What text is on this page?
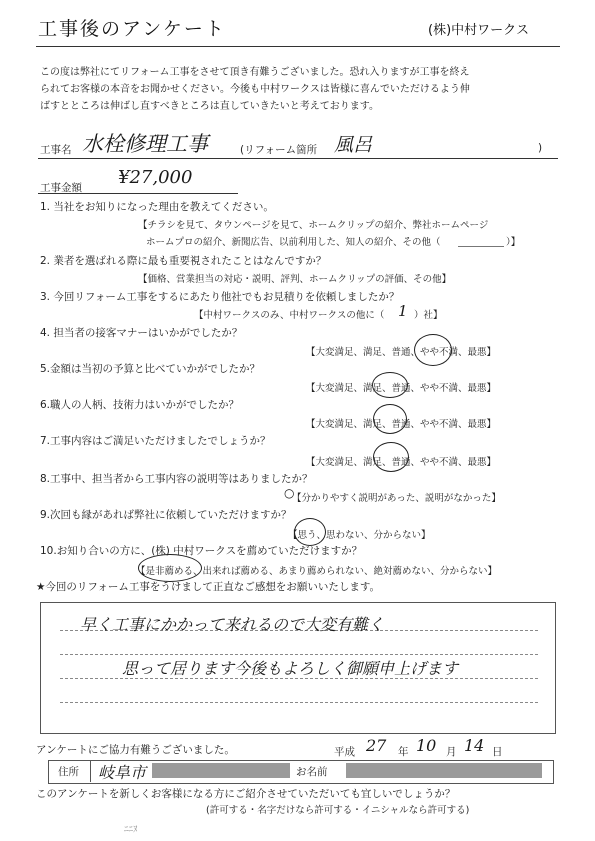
工事後のアンケート	(株)中村ワークス
この度は弊社にてリフォーム工事をさせて頂き有難うございました。恐れ入りますが工事を終え
られてお客様の本音をお聞かせください。今後も中村ワークスは皆様に喜んでいただけるよう伸
ばすとところは伸ばし直すべきところは直していきたいと考えております。
工事名 水栓修理工事	(リフォーム箇所 風呂	)
工事金額 ¥27,000
1. 当社をお知りになった理由を教えてください。
【チラシを見て、タウンページを見て、ホームクリップの紹介、弊社ホームページ
ホームプロの紹介、新聞広告、以前利用した、知人の紹介、その他（	）】
2. 業者を選ばれる際に最も重要視されたことはなんですか？
【価格、営業担当の対応・説明、評判、ホームクリップの評価、その他】
3. 今回リフォーム工事をするにあたり他社でもお見積りを依頼しましたか？
【中村ワークスのみ、中村ワークスの他に（ 1 ）社】
4. 担当者の接客マナーはいかがでしたか？
【大変満足、満足、普通、やや不満、最悪】
5.金額は当初の予算と比べていかがでしたか？
【大変満足、満足、普通、やや不満、最悪】
6.職人の人柄、技術力はいかがでしたか？
【大変満足、満足、普通、やや不満、最悪】
7.工事内容はご満足いただけましたでしょうか？
【大変満足、満足、普通、やや不満、最悪】
8.工事中、担当者から工事内容の説明等はありましたか？
○
【分かりやすく説明があった、説明がなかった】
9.次回も縁があれば弊社に依頼していただけますか？
【思う、思わない、分からない】
10.お知り合いの方に、(株) 中村ワークスを薦めていただけますか？
【是非薦める、出来れば薦める、あまり薦められない、絶対薦めない、分からない】
★今回のリフォーム工事をうけまして正直なご感想をお願いいたします。
早く工事にかかって来れるので大変有難く
思って居ります今後もよろしく御願申上げます
アンケートにご協力有難うございました。	平成 27 年 10 月 14 日
住所 岐阜市	お名前
このアンケートを新しくお客様になる方にご紹介させていただいても宜しいでしょうか？
(許可する・名字だけなら許可する・イニシャルなら許可する)
ﾆﾆﾇ
